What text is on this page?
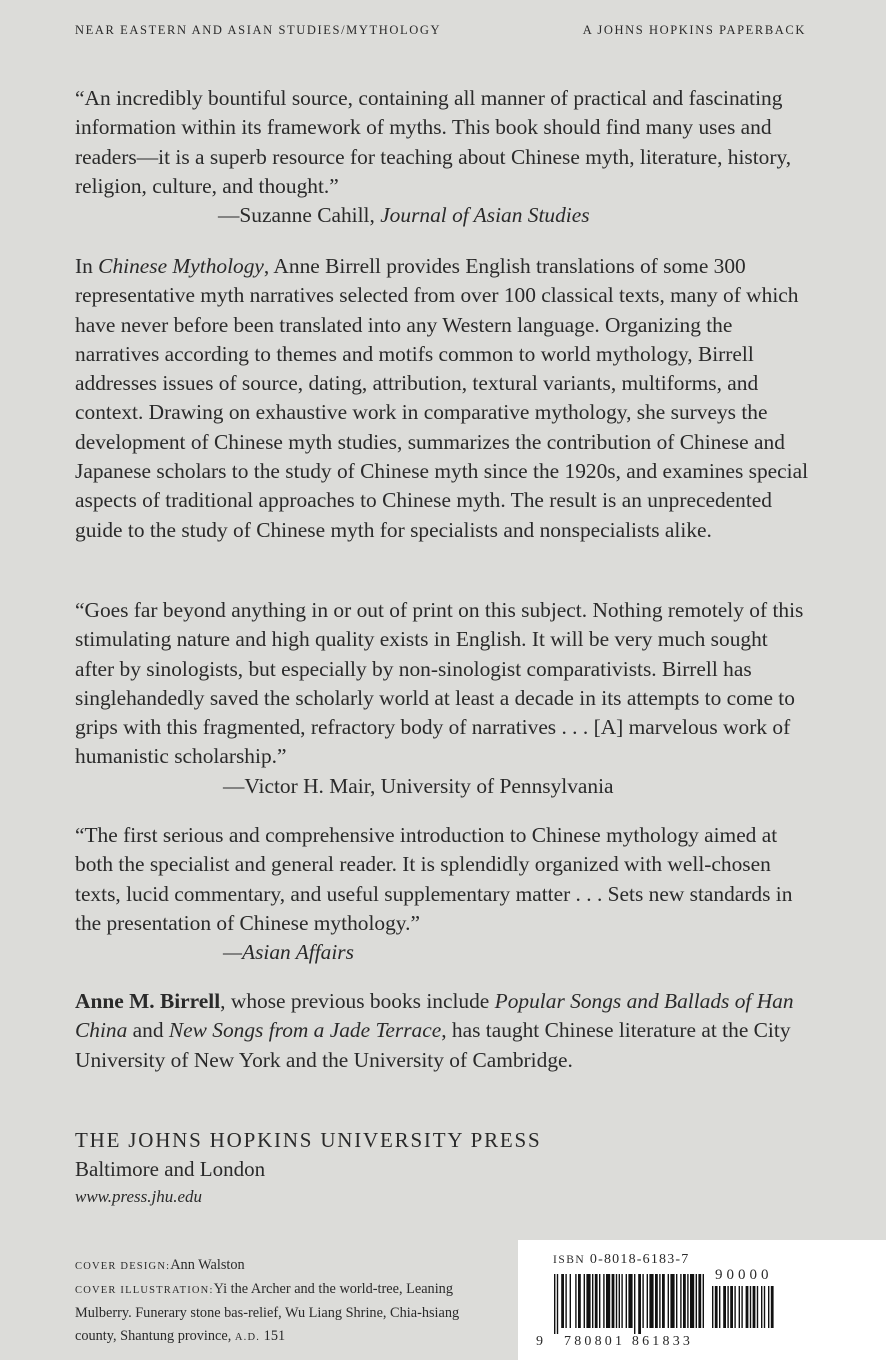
NEAR EASTERN AND ASIAN STUDIES/MYTHOLOGY	A JOHNS HOPKINS PAPERBACK

“An incredibly bountiful source, containing all manner of practical and fascinating information within its framework of myths. This book should find many uses and readers—it is a superb resource for teaching about Chinese myth, literature, history, religion, culture, and thought.”

—Suzanne Cahill, Journal of Asian Studies

In Chinese Mythology, Anne Birrell provides English translations of some 300 representative myth narratives selected from over 100 classical texts, many of which have never before been translated into any Western language. Organizing the narratives according to themes and motifs common to world mythology, Birrell addresses issues of source, dating, attribution, textural variants, multiforms, and context. Drawing on exhaustive work in comparative mythology, she surveys the development of Chinese myth studies, summarizes the contribution of Chinese and Japanese scholars to the study of Chinese myth since the 1920s, and examines special aspects of traditional approaches to Chinese myth. The result is an unprecedented guide to the study of Chinese myth for specialists and nonspecialists alike.

“Goes far beyond anything in or out of print on this subject. Nothing remotely of this stimulating nature and high quality exists in English. It will be very much sought after by sinologists, but especially by non-sinologist comparativists. Birrell has singlehandedly saved the scholarly world at least a decade in its attempts to come to grips with this fragmented, refractory body of narratives . . . [A] marvelous work of humanistic scholarship.”

—Victor H. Mair, University of Pennsylvania

“The first serious and comprehensive introduction to Chinese mythology aimed at both the specialist and general reader. It is splendidly organized with well-chosen texts, lucid commentary, and useful supplementary matter . . . Sets new standards in the presentation of Chinese mythology.”

—Asian Affairs

Anne M. Birrell, whose previous books include Popular Songs and Ballads of Han China and New Songs from a Jade Terrace, has taught Chinese literature at the City University of New York and the University of Cambridge.

THE JOHNS HOPKINS UNIVERSITY PRESS
Baltimore and London
www.press.jhu.edu
COVER DESIGN:Ann Walston
COVER ILLUSTRATION:Yi the Archer and the world-tree, Leaning Mulberry. Funerary stone bas-relief, Wu Liang Shrine, Chia-hsiang county, Shantung province, A.D. 151
ISBN 0-8018-6183-7
90000
9 780801 861833
